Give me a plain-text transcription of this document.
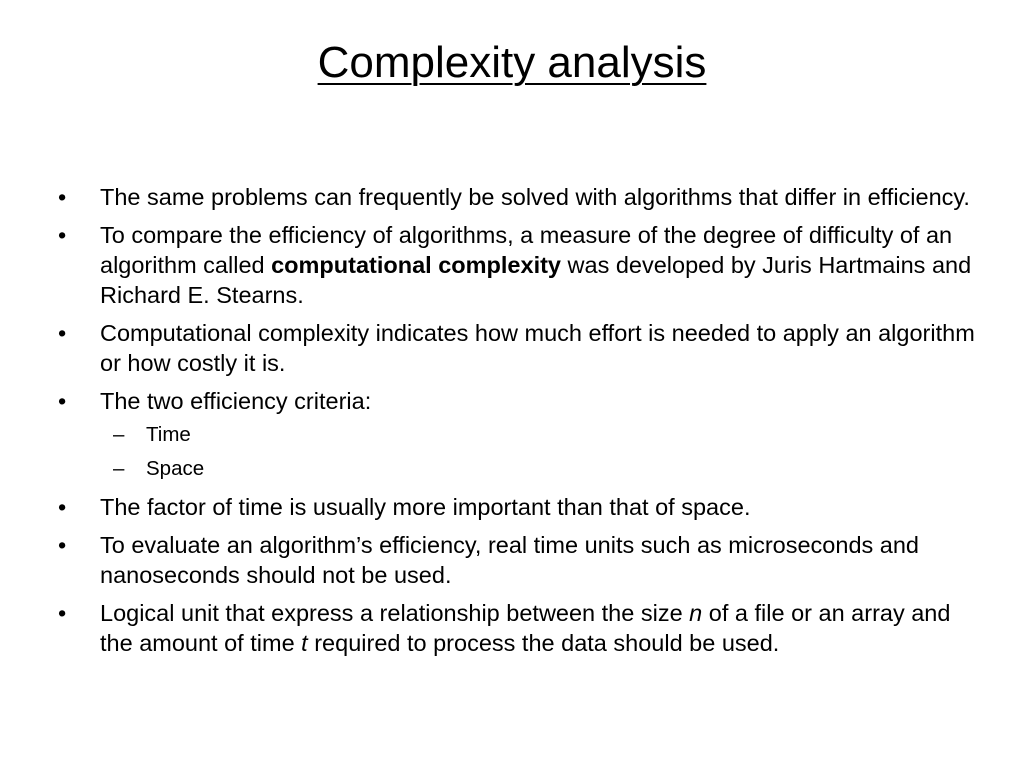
Complexity analysis
•	The same problems can frequently be solved with algorithms that differ in efficiency.
•	To compare the efficiency of algorithms, a measure of the degree of difficulty of an algorithm called computational complexity was developed by Juris Hartmains and Richard E. Stearns.
•	Computational complexity indicates how much effort is needed to apply an algorithm or how costly it is.
•	The two efficiency criteria:
– Time
– Space
•	The factor of time is usually more important than that of space.
•	To evaluate an algorithm’s efficiency, real time units such as microseconds and nanoseconds should not be used.
•	Logical unit that express a relationship between the size n of a file or an array and the amount of time t required to process the data should be used.
